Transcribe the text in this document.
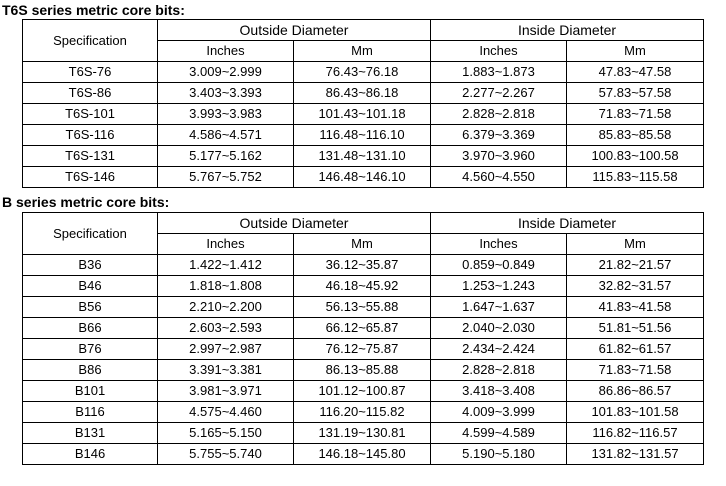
T6S series metric core bits:
Specification	Outside Diameter		Inside Diameter	
	Inches	Mm	Inches	Mm
T6S-76	3.009~2.999	76.43~76.18	1.883~1.873	47.83~47.58
T6S-86	3.403~3.393	86.43~86.18	2.277~2.267	57.83~57.58
T6S-101	3.993~3.983	101.43~101.18	2.828~2.818	71.83~71.58
T6S-116	4.586~4.571	116.48~116.10	6.379~3.369	85.83~85.58
T6S-131	5.177~5.162	131.48~131.10	3.970~3.960	100.83~100.58
T6S-146	5.767~5.752	146.48~146.10	4.560~4.550	115.83~115.58
B series metric core bits:
Specification	Outside Diameter		Inside Diameter	
	Inches	Mm	Inches	Mm
B36	1.422~1.412	36.12~35.87	0.859~0.849	21.82~21.57
B46	1.818~1.808	46.18~45.92	1.253~1.243	32.82~31.57
B56	2.210~2.200	56.13~55.88	1.647~1.637	41.83~41.58
B66	2.603~2.593	66.12~65.87	2.040~2.030	51.81~51.56
B76	2.997~2.987	76.12~75.87	2.434~2.424	61.82~61.57
B86	3.391~3.381	86.13~85.88	2.828~2.818	71.83~71.58
B101	3.981~3.971	101.12~100.87	3.418~3.408	86.86~86.57
B116	4.575~4.460	116.20~115.82	4.009~3.999	101.83~101.58
B131	5.165~5.150	131.19~130.81	4.599~4.589	116.82~116.57
B146	5.755~5.740	146.18~145.80	5.190~5.180	131.82~131.57
